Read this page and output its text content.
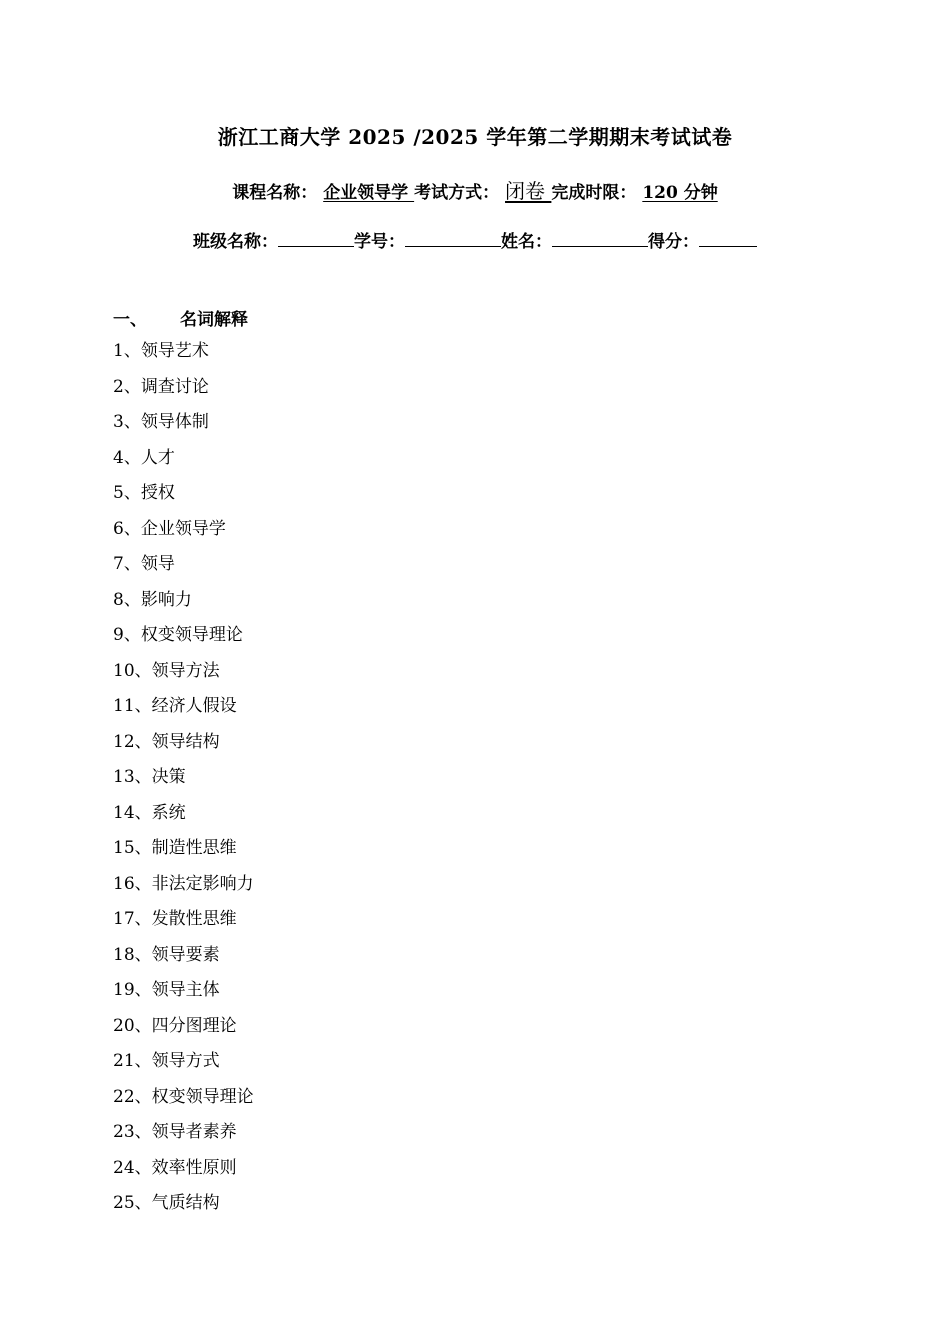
浙江工商大学 2025 /2025 学年第二学期期末考试试卷
课程名称： 企业领导学 考试方式： 闭卷 完成时限： 120 分钟
班级名称：	学号：	姓名：	得分：
一、 名词解释
1、领导艺术
2、调查讨论
3、领导体制
4、人才
5、授权
6、企业领导学
7、领导
8、影响力
9、权变领导理论
10、领导方法
11、经济人假设
12、领导结构
13、决策
14、系统
15、制造性思维
16、非法定影响力
17、发散性思维
18、领导要素
19、领导主体
20、四分图理论
21、领导方式
22、权变领导理论
23、领导者素养
24、效率性原则
25、气质结构
